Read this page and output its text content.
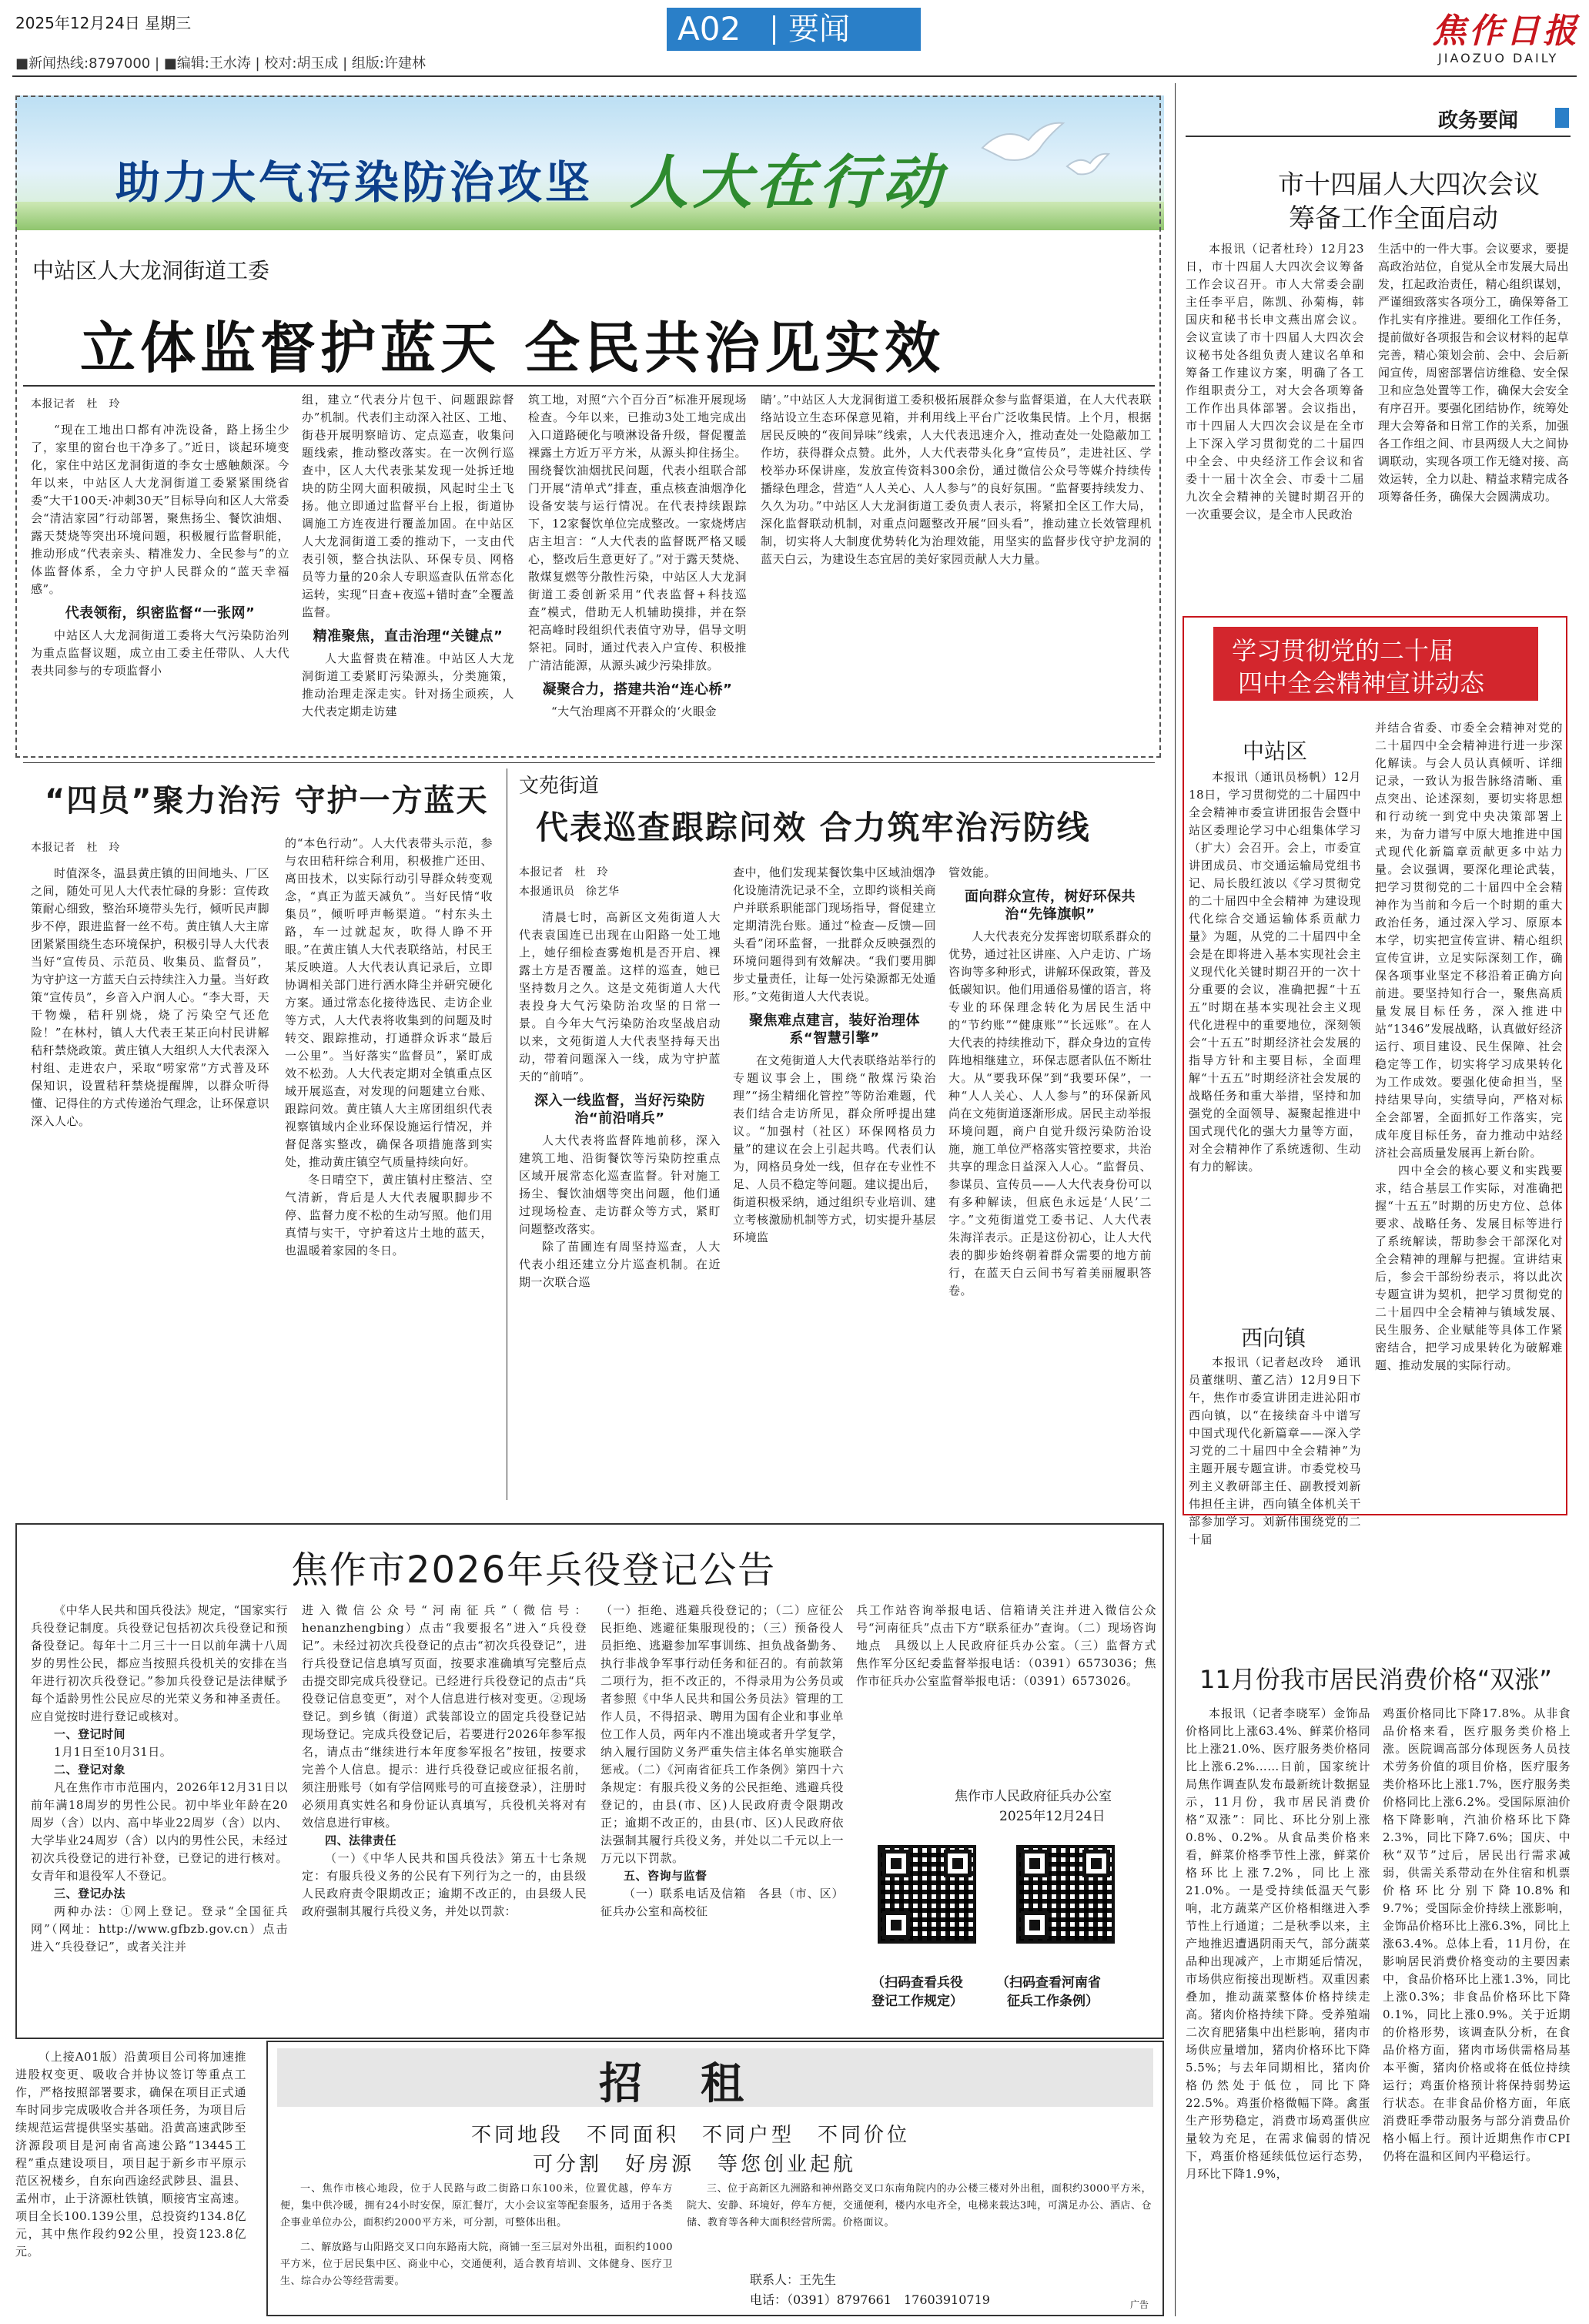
2025年12月24日 星期三
■新闻热线:8797000 | ■编辑:王水涛 | 校对:胡玉成 | 组版:许建林
A02 要闻	焦作日报
JIAOZUO DAILY
助力大气污染防治攻坚 人大在行动
中站区人大龙洞街道工委
立体监督护蓝天 全民共治见实效
本报记者　杜　玲

“现在工地出口都有冲洗设备，路上扬尘少了，家里的窗台也干净多了。”近日，谈起环境变化，家住中站区龙洞街道的李女士感触颇深。今年以来，中站区人大龙洞街道工委紧紧围绕省委“大干100天·冲刺30天”目标导向和区人大常委会“清洁家园”行动部署，聚焦扬尘、餐饮油烟、露天焚烧等突出环境问题，积极履行监督职能，推动形成“代表亲头、精准发力、全民参与”的立体监督体系，全力守护人民群众的“蓝天幸福感”。

代表领衔，织密监督“一张网”

中站区人大龙洞街道工委将大气污染防治列为重点监督议题，成立由工委主任带队、人大代表共同参与的专项监督小

组，建立“代表分片包干、问题跟踪督办”机制。代表们主动深入社区、工地、街巷开展明察暗访、定点巡查，收集问题线索，推动整改落实。在一次例行巡查中，区人大代表张某发现一处拆迁地块的防尘网大面积破损，风起时尘土飞扬。他立即通过监督平台上报，街道协调施工方连夜进行覆盖加固。在中站区人大龙洞街道工委的推动下，一支由代表引领，整合执法队、环保专员、网格员等力量的20余人专职巡查队伍常态化运转，实现“日查+夜巡+错时查”全覆盖监督。

精准聚焦，直击治理“关键点”

人大监督贵在精准。中站区人大龙洞街道工委紧盯污染源头，分类施策，推动治理走深走实。针对扬尘顽疾，人大代表定期走访建

筑工地，对照“六个百分百”标准开展现场检查。今年以来，已推动3处工地完成出入口道路硬化与喷淋设备升级，督促覆盖裸露土方近万平方米，从源头抑住扬尘。围绕餐饮油烟扰民问题，代表小组联合部门开展“清单式”排查，重点核查油烟净化设备安装与运行情况。在代表持续跟踪下，12家餐饮单位完成整改。一家烧烤店店主坦言：“人大代表的监督既严格又暖心，整改后生意更好了。”对于露天焚烧、散煤复燃等分散性污染，中站区人大龙洞街道工委创新采用“代表监督+科技巡查”模式，借助无人机辅助摸排，并在祭祀高峰时段组织代表值守劝导，倡导文明祭祀。同时，通过代表入户宣传、积极推广清洁能源，从源头减少污染排放。

凝聚合力，搭建共治“连心桥”

“大气治理离不开群众的‘火眼金

睛’。”中站区人大龙洞街道工委积极拓展群众参与监督渠道，在人大代表联络站设立生态环保意见箱，并利用线上平台广泛收集民情。上个月，根据居民反映的“夜间异味”线索，人大代表迅速介入，推动查处一处隐蔽加工作坊，获得群众点赞。此外，人大代表带头化身“宣传员”，走进社区、学校举办环保讲座，发放宣传资料300余份，通过微信公众号等媒介持续传播绿色理念，营造“人人关心、人人参与”的良好氛围。“监督要持续发力、久久为功。”中站区人大龙洞街道工委负责人表示，将紧扣全区工作大局，深化监督联动机制，对重点问题整改开展“回头看”，推动建立长效管理机制，切实将人大制度优势转化为治理效能，用坚实的监督步伐守护龙洞的蓝天白云，为建设生态宜居的美好家园贡献人大力量。

“四员”聚力治污 守护一方蓝天
本报记者　杜　玲

时值深冬，温县黄庄镇的田间地头、厂区之间，随处可见人大代表忙碌的身影：宣传政策耐心细致，整治环境带头先行，倾听民声脚步不停，跟进监督一丝不苟。黄庄镇人大主席团紧紧围绕生态环境保护，积极引导人大代表当好“宣传员、示范员、收集员、监督员”，为守护这一方蓝天白云持续注入力量。当好政策“宣传员”，乡音入户润人心。“李大哥，天干物燥，秸秆别烧，烧了污染空气还危险！”在林村，镇人大代表王某正向村民讲解秸秆禁烧政策。黄庄镇人大组织人大代表深入村组、走进农户，采取“唠家常”方式普及环保知识，设置秸秆禁烧提醒牌，以群众听得懂、记得住的方式传递治气理念，让环保意识深入人心。

的“本色行动”。人大代表带头示范，参与农田秸秆综合利用，积极推广还田、离田技术，以实际行动引导群众转变观念，“真正为蓝天减负”。当好民情“收集员”，倾听呼声畅渠道。“村东头土路，车一过就起灰，吹得人睁不开眼。”在黄庄镇人大代表联络站，村民王某反映道。人大代表认真记录后，立即协调相关部门进行洒水降尘并研究硬化方案。通过常态化接待选民、走访企业等方式，人大代表将收集到的问题及时转交、跟踪推动，打通群众诉求“最后一公里”。当好落实“监督员”，紧盯成效不松劲。人大代表定期对全镇重点区域开展巡查，对发现的问题建立台账、跟踪问效。黄庄镇人大主席团组织代表视察镇域内企业环保设施运行情况，并督促落实整改，确保各项措施落到实处，推动黄庄镇空气质量持续向好。

冬日晴空下，黄庄镇村庄整洁、空气清新，背后是人大代表履职脚步不停、监督力度不松的生动写照。他们用真情与实干，守护着这片土地的蓝天，也温暖着家园的冬日。

文苑街道
代表巡查跟踪问效 合力筑牢治污防线
本报记者　杜　玲
本报通讯员　徐艺华

清晨七时，高新区文苑街道人大代表袁国连已出现在山阳路一处工地上，她仔细检查雾炮机是否开启、裸露土方是否覆盖。这样的巡查，她已坚持数月之久。这是文苑街道人大代表投身大气污染防治攻坚的日常一景。自今年大气污染防治攻坚战启动以来，文苑街道人大代表坚持每天出动，带着问题深入一线，成为守护蓝天的“前哨”。

深入一线监督，当好污染防治“前沿哨兵”

人大代表将监督阵地前移，深入建筑工地、沿街餐饮等污染防控重点区域开展常态化巡查监督。针对施工扬尘、餐饮油烟等突出问题，他们通过现场检查、走访群众等方式，紧盯问题整改落实。

除了苗圃连有周坚持巡查，人大代表小组还建立分片巡查机制。在近期一次联合巡

查中，他们发现某餐饮集中区域油烟净化设施清洗记录不全，立即约谈相关商户并联系职能部门现场指导，督促建立定期清洗台账。通过“检查—反馈—回头看”闭环监督，一批群众反映强烈的环境问题得到有效解决。“我们要用脚步丈量责任，让每一处污染源都无处遁形。”文苑街道人大代表说。

聚焦难点建言，装好治理体系“智慧引擎”

在文苑街道人大代表联络站举行的专题议事会上，围绕“散煤污染治理”“扬尘精细化管控”等防治难题，代表们结合走访所见，群众所呼提出建议。“加强村（社区）环保网格员力量”的建议在会上引起共鸣。代表们认为，网格员身处一线，但存在专业性不足、人员不稳定等问题。建议提出后，街道积极采纳，通过组织专业培训、建立考核激励机制等方式，切实提升基层环境监

管效能。

面向群众宣传，树好环保共治“先锋旗帜”

人大代表充分发挥密切联系群众的优势，通过社区讲座、入户走访、广场咨询等多种形式，讲解环保政策，普及低碳知识。他们用通俗易懂的语言，将专业的环保理念转化为居民生活中的“节约账”“健康账”“长远账”。在人大代表的持续推动下，群众身边的宣传阵地相继建立，环保志愿者队伍不断壮大。从“要我环保”到“我要环保”，一种“人人关心、人人参与”的环保新风尚在文苑街道逐渐形成。居民主动举报环境问题，商户自觉升级污染防治设施，施工单位严格落实管控要求，共治共享的理念日益深入人心。“监督员、参谋员、宣传员——人大代表身份可以有多种解读，但底色永远是‘人民’二字。”文苑街道党工委书记、人大代表朱海洋表示。正是这份初心，让人大代表的脚步始终朝着群众需要的地方前行，在蓝天白云间书写着美丽履职答卷。

政务要闻
市十四届人大四次会议
筹备工作全面启动

本报讯（记者杜玲）12月23日，市十四届人大四次会议筹备工作会议召开。市人大常委会副主任李平启，陈凯、孙菊梅，韩国庆和秘书长申文燕出席会议。会议宣读了市十四届人大四次会议秘书处各组负责人建议名单和筹备工作建议方案，明确了各工作组职责分工，对大会各项筹备工作作出具体部署。会议指出，市十四届人大四次会议是在全市上下深入学习贯彻党的二十届四中全会、中央经济工作会议和省委十一届十次全会、市委十二届九次全会精神的关键时期召开的一次重要会议，是全市人民政治

生活中的一件大事。会议要求，要提高政治站位，自觉从全市发展大局出发，扛起政治责任，精心组织谋划，严谨细致落实各项分工，确保筹备工作扎实有序推进。要细化工作任务，提前做好各项报告和会议材料的起草完善，精心策划会前、会中、会后新闻宣传，周密部署信访维稳、安全保卫和应急处置等工作，确保大会安全有序召开。要强化团结协作，统筹处理大会筹备和日常工作的关系，加强各工作组之间、市县两级人大之间协调联动，实现各项工作无缝对接、高效运转，全力以赴、精益求精完成各项筹备任务，确保大会圆满成功。

学习贯彻党的二十届
四中全会精神宣讲动态
中站区

本报讯（通讯员杨帆）12月18日，学习贯彻党的二十届四中全会精神市委宣讲团报告会暨中站区委理论学习中心组集体学习（扩大）会召开。会上，市委宣讲团成员、市交通运输局党组书记、局长殷红波以《学习贯彻党的二十届四中全会精神 为建设现代化综合交通运输体系贡献力量》为题，从党的二十届四中全会是在即将进入基本实现社会主义现代化关键时期召开的一次十分重要的会议，准确把握“十五五”时期在基本实现社会主义现代化进程中的重要地位，深刻领会“十五五”时期经济社会发展的指导方针和主要目标，全面理解“十五五”时期经济社会发展的战略任务和重大举措，坚持和加强党的全面领导、凝聚起推进中国式现代化的强大力量等方面，对全会精神作了系统透彻、生动有力的解读。

并结合省委、市委全会精神对党的二十届四中全会精神进行进一步深化解读。与会人员认真倾听、详细记录，一致认为报告脉络清晰、重点突出、论述深刻，要切实将思想和行动统一到党中央决策部署上来，为奋力谱写中原大地推进中国式现代化新篇章贡献更多中站力量。会议强调，要深化理论武装，把学习贯彻党的二十届四中全会精神作为当前和今后一个时期的重大政治任务，通过深入学习、原原本本学，切实把宣传宣讲、精心组织宣传宣讲，立足实际深刻工作，确保各项事业坚定不移沿着正确方向前进。要坚持知行合一，聚焦高质量发展目标任务，深入推进中站“1346”发展战略，认真做好经济运行、项目建设、民生保障、社会稳定等工作，切实将学习成果转化为工作成效。要强化使命担当，坚持结果导向，实绩导向，严格对标全会部署，全面抓好工作落实，完成年度目标任务，奋力推动中站经济社会高质量发展再上新台阶。

四中全会的核心要义和实践要求，结合基层工作实际，对准确把握“十五五”时期的历史方位、总体要求、战略任务、发展目标等进行了系统解读，帮助参会干部深化对全会精神的理解与把握。宣讲结束后，参会干部纷纷表示，将以此次专题宣讲为契机，把学习贯彻党的二十届四中全会精神与镇域发展、民生服务、企业赋能等具体工作紧密结合，把学习成果转化为破解难题、推动发展的实际行动。

西向镇

本报讯（记者赵改玲　通讯员董继明、董乙洁）12月9日下午，焦作市委宣讲团走进沁阳市西向镇，以“在接续奋斗中谱写中国式现代化新篇章——深入学习党的二十届四中全会精神”为主题开展专题宣讲。市委党校马列主义教研部主任、副教授刘新伟担任主讲，西向镇全体机关干部参加学习。刘新伟围绕党的二十届

11月份我市居民消费价格“双涨”

本报讯（记者李晓军）金饰品价格同比上涨63.4%、鲜菜价格同比上涨21.0%、医疗服务类价格同比上涨6.2%……日前，国家统计局焦作调查队发布最新统计数据显示，11月份，我市居民消费价格“双涨”：同比、环比分别上涨0.8%、0.2%。从食品类价格来看，鲜菜价格季节性上涨，鲜菜价格环比上涨7.2%，同比上涨21.0%。一是受持续低温天气影响，北方蔬菜产区价格相继进入季节性上行通道；二是秋季以来，主产地推迟遭遇阴雨天气，部分蔬菜品种出现减产，上市期延后情况，市场供应衔接出现断档。双重因素叠加，推动蔬菜整体价格持续走高。猪肉价格持续下降。受养殖端二次育肥猪集中出栏影响，猪肉市场供应量增加，猪肉价格环比下降5.5%；与去年同期相比，猪肉价格仍然处于低位，同比下降22.5%。鸡蛋价格微幅下降。禽蛋生产形势稳定，消费市场鸡蛋供应量较为充足，在需求偏弱的情况下，鸡蛋价格延续低位运行态势，月环比下降1.9%，

鸡蛋价格同比下降17.8%。从非食品价格来看，医疗服务类价格上涨。医院调高部分体现医务人员技术劳务价值的项目价格，医疗服务类价格环比上涨1.7%，医疗服务类价格同比上涨6.2%。受国际原油价格下降影响，汽油价格环比下降2.3%，同比下降7.6%；国庆、中秋“双节”过后，居民出行需求减弱，供需关系带动在外住宿和机票价格环比分别下降10.8%和9.7%；受国际金价持续上涨影响，金饰品价格环比上涨6.3%，同比上涨63.4%。总体上看，11月份，在影响居民消费价格变动的主要因素中，食品价格环比上涨1.3%，同比上涨0.3%；非食品价格环比下降0.1%，同比上涨0.9%。关于近期的价格形势，该调查队分析，在食品价格方面，猪肉市场供需格局基本平衡，猪肉价格或将在低位持续运行；鸡蛋价格预计将保持弱势运行状态。在非食品价格方面，年底消费旺季带动服务与部分消费品价格小幅上行。预计近期焦作市CPI仍将在温和区间内平稳运行。

焦作市2026年兵役登记公告

《中华人民共和国兵役法》规定，“国家实行兵役登记制度。兵役登记包括初次兵役登记和预备役登记。每年十二月三十一日以前年满十八周岁的男性公民，都应当按照兵役机关的安排在当年进行初次兵役登记。”参加兵役登记是法律赋予每个适龄男性公民应尽的光荣义务和神圣责任。应自觉按时进行登记或核对。

一、登记时间

1月1日至10月31日。

二、登记对象

凡在焦作市市范围内，2026年12月31日以前年满18周岁的男性公民。初中毕业年龄在20周岁（含）以内、高中毕业22周岁（含）以内、大学毕业24周岁（含）以内的男性公民，未经过初次兵役登记的进行补登，已登记的进行核对。女青年和退役军人不登记。

三、登记办法

两种办法：①网上登记。登录“全国征兵网”（网址：http://www.gfbzb.gov.cn）点击进入“兵役登记”，或者关注并

进入微信公众号“河南征兵”（微信号：henanzhengbing）点击“我要报名”进入“兵役登记”。未经过初次兵役登记的点击“初次兵役登记”，进行兵役登记信息填写页面，按要求准确填写完整后点击提交即完成兵役登记。已经进行兵役登记的点击“兵役登记信息变更”，对个人信息进行核对变更。②现场登记。到乡镇（街道）武装部设立的固定兵役登记站现场登记。完成兵役登记后，若要进行2026年参军报名，请点击“继续进行本年度参军报名”按钮，按要求完善个人信息。提示：进行兵役登记或应征报名前，须注册账号（如有学信网账号的可直接登录），注册时必须用真实姓名和身份证认真填写，兵役机关将对有效信息进行审核。

四、法律责任

（一）《中华人民共和国兵役法》第五十七条规定：有服兵役义务的公民有下列行为之一的，由县级人民政府责令限期改正；逾期不改正的，由县级人民政府强制其履行兵役义务，并处以罚款：

（一）拒绝、逃避兵役登记的；（二）应征公民拒绝、逃避征集服现役的；（三）预备役人员拒绝、逃避参加军事训练、担负战备勤务、执行非战争军事行动任务和征召的。有前款第二项行为，拒不改正的，不得录用为公务员或者参照《中华人民共和国公务员法》管理的工作人员，不得招录、聘用为国有企业和事业单位工作人员，两年内不准出境或者升学复学，纳入履行国防义务严重失信主体名单实施联合惩戒。（二）《河南省征兵工作条例》第四十六条规定：有服兵役义务的公民拒绝、逃避兵役登记的，由县(市、区)人民政府责令限期改正；逾期不改正的，由县(市、区)人民政府依法强制其履行兵役义务，并处以二千元以上一万元以下罚款。

五、咨询与监督

（一）联系电话及信箱　各县（市、区）征兵办公室和高校征

兵工作站咨询举报电话、信箱请关注并进入微信公众号“河南征兵”点击下方“联系征办”查询。（二）现场咨询地点　具级以上人民政府征兵办公室。（三）监督方式　焦作军分区纪委监督举报电话：（0391）6573036；焦作市征兵办公室监督举报电话：（0391）6573026。

焦作市人民政府征兵办公室
2025年12月24日
（扫码查看兵役
登记工作规定）
（扫码查看河南省
征兵工作条例）

（上接A01版）沿黄项目公司将加速推进股权变更、吸收合并协议签订等重点工作，严格按照部署要求，确保在项目正式通车时同步完成吸收合并各项任务，为项目后续规范运营提供坚实基础。沿黄高速武陟至济源段项目是河南省高速公路“13445工程”重点建设项目，项目起于新乡市平原示范区祝楼乡，自东向西途经武陟县、温县、孟州市，止于济源杜铁镇，顺接宵宝高速。项目全长100.139公里，总投资约134.8亿元，其中焦作段约92公里，投资123.8亿元。

招　租
不同地段　不同面积　不同户型　不同价位
可分割　好房源　等您创业起航

一、焦作市核心地段，位于人民路与政二街路口东100米，位置优越，停车方便，集中供冷暖，拥有24小时安保，原汇餐厅，大小会议室等配套服务，适用于各类企事业单位办公，面积约2000平方米，可分割，可整体出租。

二、解放路与山阳路交叉口向东路南大院，商铺一至三层对外出租，面积约1000平方米，位于居民集中区、商业中心，交通便利，适合教育培训、文体健身、医疗卫生、综合办公等经营需要。

三、位于高新区九洲路和神州路交叉口东南角院内的办公楼三楼对外出租，面积约3000平方米，院大、安静、环境好，停车方便，交通便利，楼内水电齐全，电梯来载达3吨，可满足办公、酒店、仓储、教育等各种大面积经营所需。价格面议。

联系人：王先生
电话：（0391）8797661　17603910719	广告
